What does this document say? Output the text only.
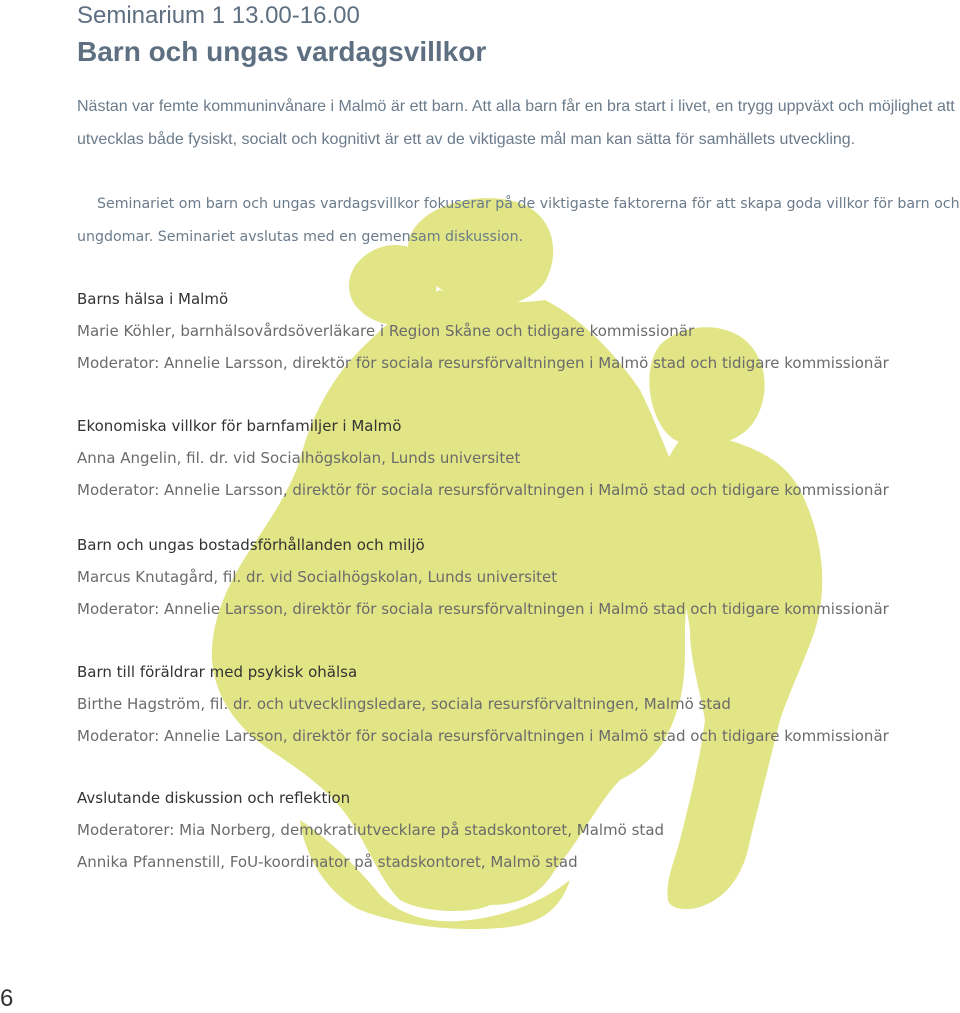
Seminarium 1 13.00-16.00
Barn och ungas vardagsvillkor

Nästan var femte kommuninvånare i Malmö är ett barn. Att alla barn får en bra start i livet, en trygg uppväxt och möjlighet att utvecklas både fysiskt, socialt och kognitivt är ett av de viktigaste mål man kan sätta för samhällets utveckling.

Seminariet om barn och ungas vardagsvillkor fokuserar på de viktigaste faktorerna för att skapa goda villkor för barn och ungdomar. Seminariet avslutas med en gemensam diskussion.

Barns hälsa i Malmö
Marie Köhler, barnhälsovårdsöverläkare i Region Skåne och tidigare kommissionär
Moderator: Annelie Larsson, direktör för sociala resursförvaltningen i Malmö stad och tidigare kommissionär
Ekonomiska villkor för barnfamiljer i Malmö
Anna Angelin, fil. dr. vid Socialhögskolan, Lunds universitet
Moderator: Annelie Larsson, direktör för sociala resursförvaltningen i Malmö stad och tidigare kommissionär
Barn och ungas bostadsförhållanden och miljö
Marcus Knutagård, fil. dr. vid Socialhögskolan, Lunds universitet
Moderator: Annelie Larsson, direktör för sociala resursförvaltningen i Malmö stad och tidigare kommissionär
Barn till föräldrar med psykisk ohälsa
Birthe Hagström, fil. dr. och utvecklingsledare, sociala resursförvaltningen, Malmö stad
Moderator: Annelie Larsson, direktör för sociala resursförvaltningen i Malmö stad och tidigare kommissionär
Avslutande diskussion och reflektion
Moderatorer: Mia Norberg, demokratiutvecklare på stadskontoret, Malmö stad
Annika Pfannenstill, FoU-koordinator på stadskontoret, Malmö stad

6
